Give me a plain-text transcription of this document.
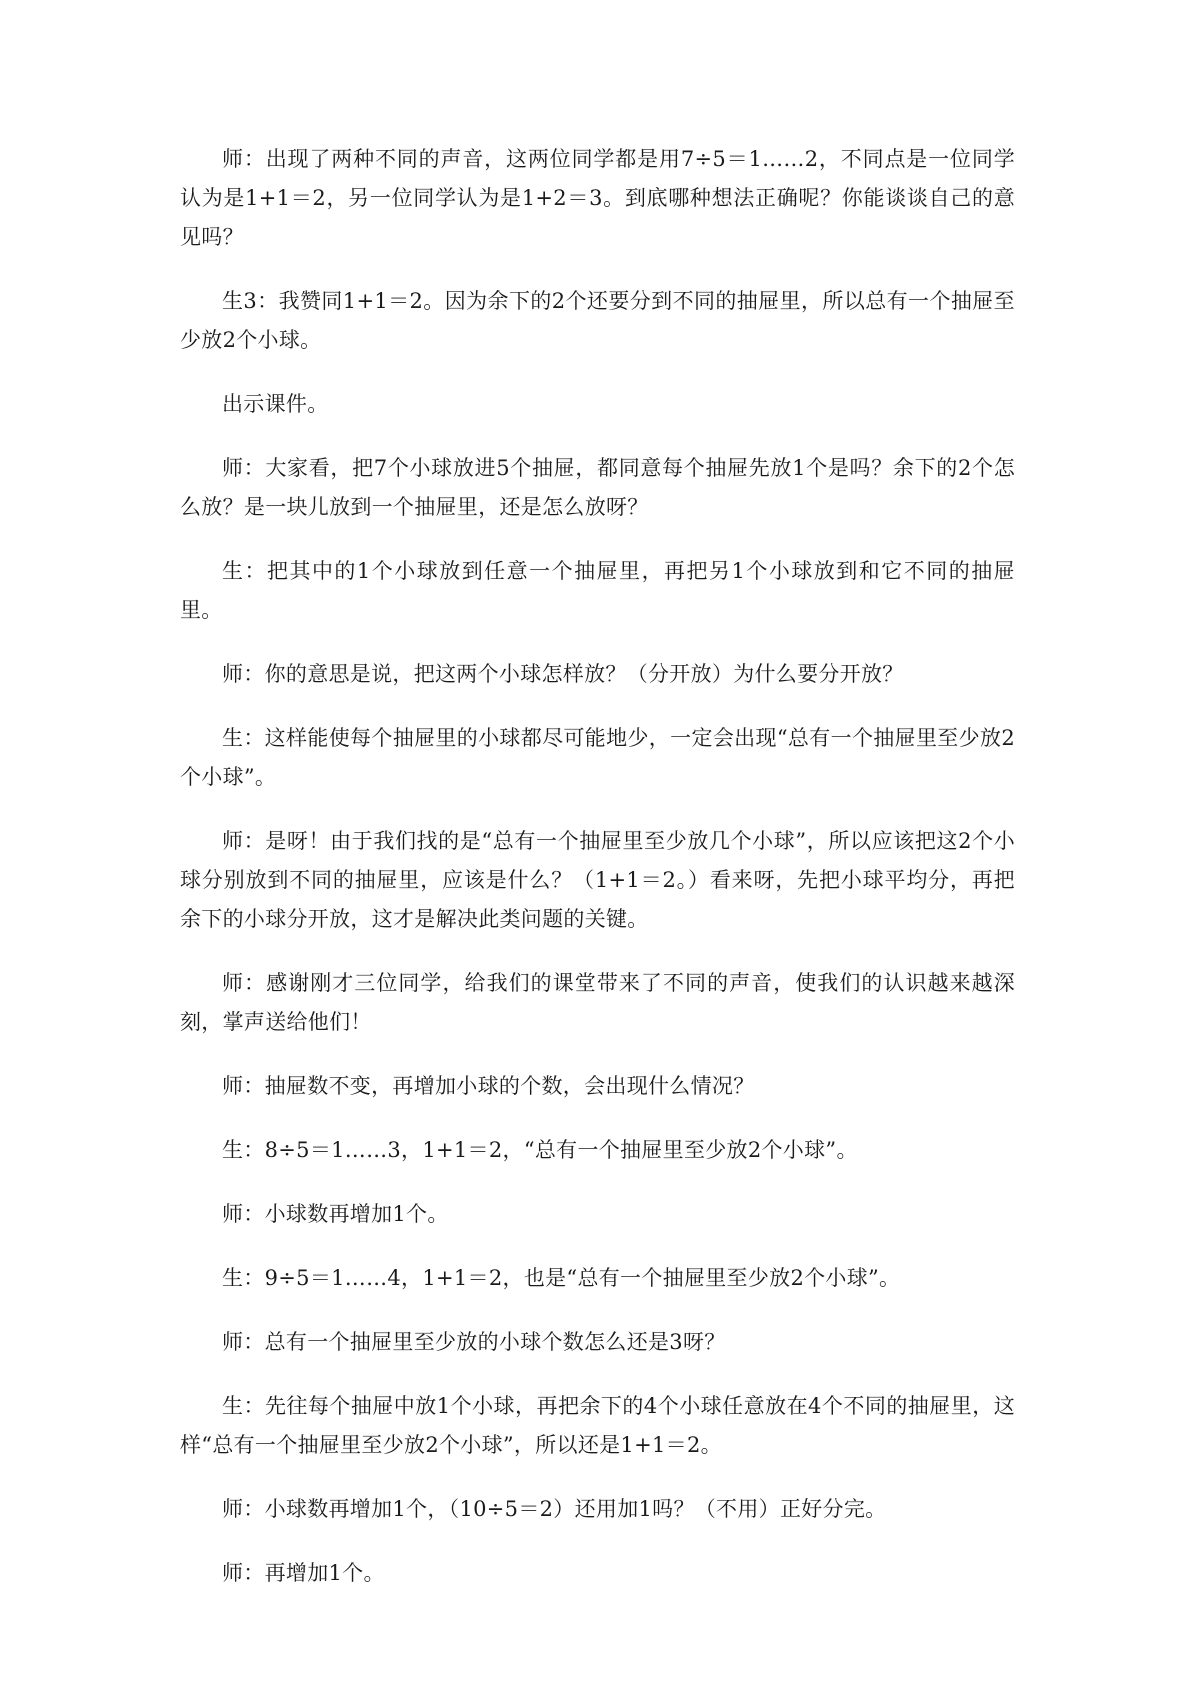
师：出现了两种不同的声音，这两位同学都是用7÷5＝1……2，不同点是一位同学认为是1+1＝2，另一位同学认为是1+2＝3。到底哪种想法正确呢？你能谈谈自己的意见吗？

生3：我赞同1+1＝2。因为余下的2个还要分到不同的抽屉里，所以总有一个抽屉至少放2个小球。

出示课件。

师：大家看，把7个小球放进5个抽屉，都同意每个抽屉先放1个是吗？余下的2个怎么放？是一块儿放到一个抽屉里，还是怎么放呀？

生：把其中的1个小球放到任意一个抽屉里，再把另1个小球放到和它不同的抽屉里。

师：你的意思是说，把这两个小球怎样放？（分开放）为什么要分开放？

生：这样能使每个抽屉里的小球都尽可能地少，一定会出现“总有一个抽屉里至少放2个小球”。

师：是呀！由于我们找的是“总有一个抽屉里至少放几个小球”，所以应该把这2个小球分别放到不同的抽屉里，应该是什么？（1+1＝2。）看来呀，先把小球平均分，再把余下的小球分开放，这才是解决此类问题的关键。

师：感谢刚才三位同学，给我们的课堂带来了不同的声音，使我们的认识越来越深刻，掌声送给他们！

师：抽屉数不变，再增加小球的个数，会出现什么情况？

生：8÷5＝1……3，1+1＝2，“总有一个抽屉里至少放2个小球”。

师：小球数再增加1个。

生：9÷5＝1……4，1+1＝2，也是“总有一个抽屉里至少放2个小球”。

师：总有一个抽屉里至少放的小球个数怎么还是3呀？

生：先往每个抽屉中放1个小球，再把余下的4个小球任意放在4个不同的抽屉里，这样“总有一个抽屉里至少放2个小球”，所以还是1+1＝2。

师：小球数再增加1个，（10÷5＝2）还用加1吗？（不用）正好分完。

师：再增加1个。
